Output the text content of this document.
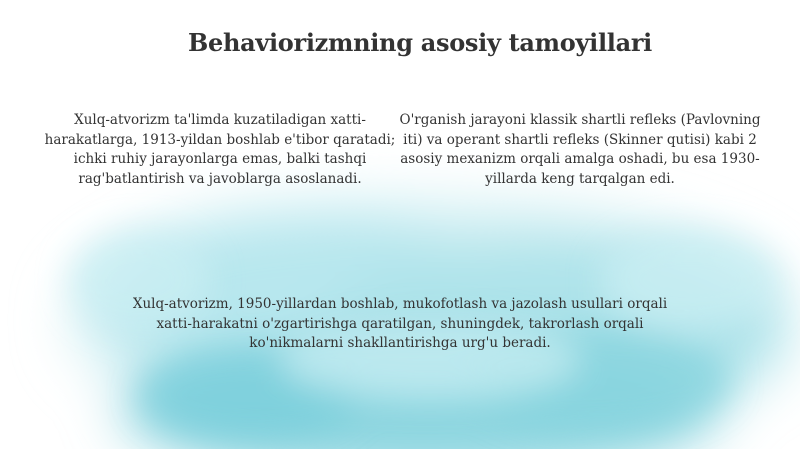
Behaviorizmning asosiy tamoyillari

Xulq-atvorizm ta'limda kuzatiladigan xatti-harakatlarga, 1913-yildan boshlab e'tibor qaratadi; ichki ruhiy jarayonlarga emas, balki tashqi rag'batlantirish va javoblarga asoslanadi.

O'rganish jarayoni klassik shartli refleks (Pavlovning iti) va operant shartli refleks (Skinner qutisi) kabi 2 asosiy mexanizm orqali amalga oshadi, bu esa 1930-yillarda keng tarqalgan edi.

Xulq-atvorizm, 1950-yillardan boshlab, mukofotlash va jazolash usullari orqali xatti-harakatni o'zgartirishga qaratilgan, shuningdek, takrorlash orqali ko'nikmalarni shakllantirishga urg'u beradi.
